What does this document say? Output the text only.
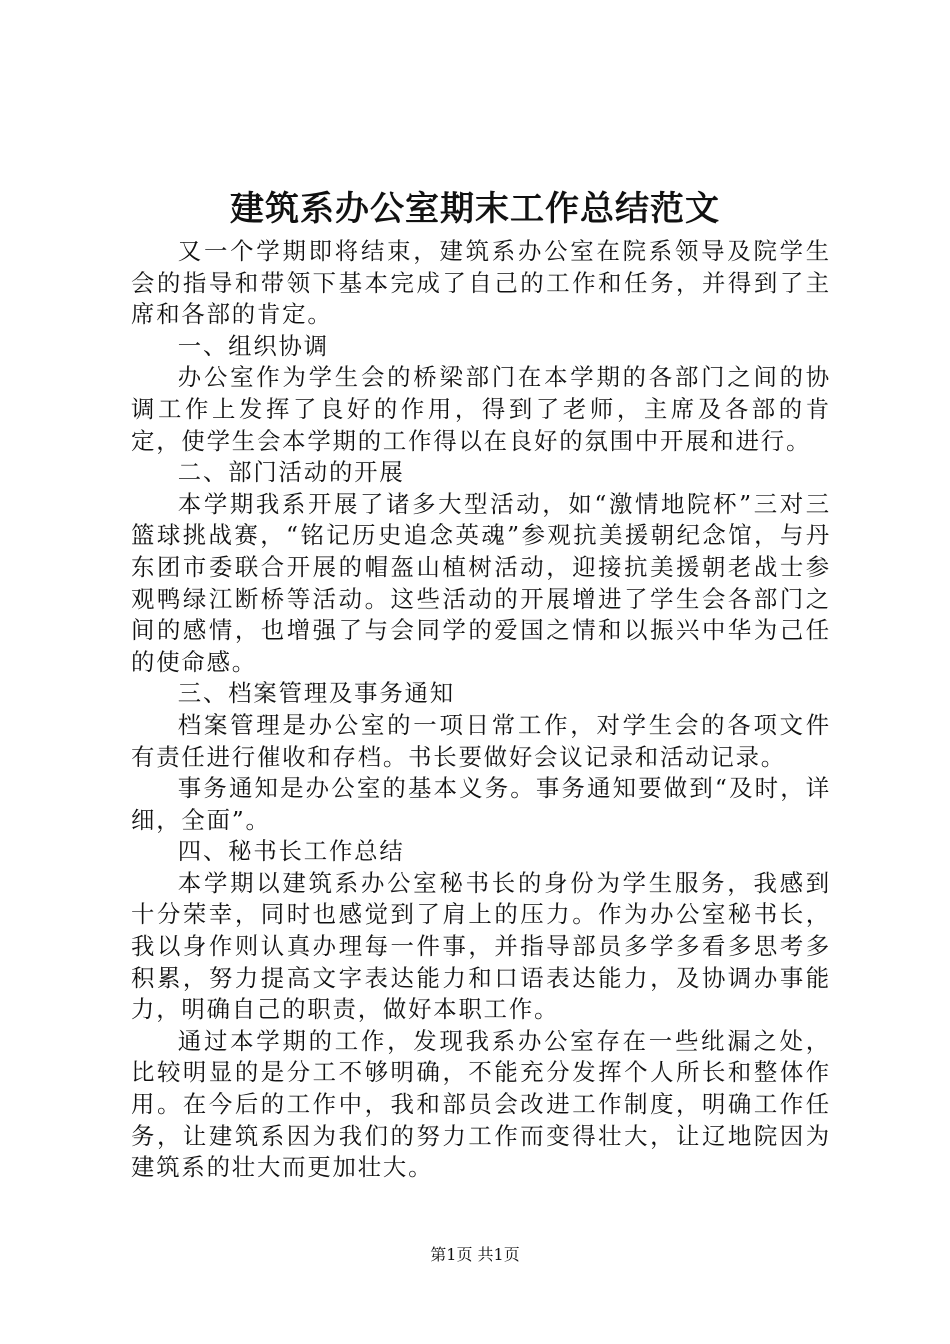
建筑系办公室期末工作总结范文

又一个学期即将结束，建筑系办公室在院系领导及院学生会的指导和带领下基本完成了自己的工作和任务，并得到了主席和各部的肯定。

一、组织协调

办公室作为学生会的桥梁部门在本学期的各部门之间的协调工作上发挥了良好的作用，得到了老师，主席及各部的肯定，使学生会本学期的工作得以在良好的氛围中开展和进行。

二、部门活动的开展

本学期我系开展了诸多大型活动，如“激情地院杯”三对三篮球挑战赛，“铭记历史追念英魂”参观抗美援朝纪念馆，与丹东团市委联合开展的帽盔山植树活动，迎接抗美援朝老战士参观鸭绿江断桥等活动。这些活动的开展增进了学生会各部门之间的感情，也增强了与会同学的爱国之情和以振兴中华为己任的使命感。

三、档案管理及事务通知

档案管理是办公室的一项日常工作，对学生会的各项文件有责任进行催收和存档。书长要做好会议记录和活动记录。

事务通知是办公室的基本义务。事务通知要做到“及时，详细，全面”。

四、秘书长工作总结

本学期以建筑系办公室秘书长的身份为学生服务，我感到十分荣幸，同时也感觉到了肩上的压力。作为办公室秘书长，我以身作则认真办理每一件事，并指导部员多学多看多思考多积累，努力提高文字表达能力和口语表达能力，及协调办事能力，明确自己的职责，做好本职工作。

通过本学期的工作，发现我系办公室存在一些纰漏之处，比较明显的是分工不够明确，不能充分发挥个人所长和整体作用。在今后的工作中，我和部员会改进工作制度，明确工作任务，让建筑系因为我们的努力工作而变得壮大，让辽地院因为建筑系的壮大而更加壮大。

第1页 共1页
